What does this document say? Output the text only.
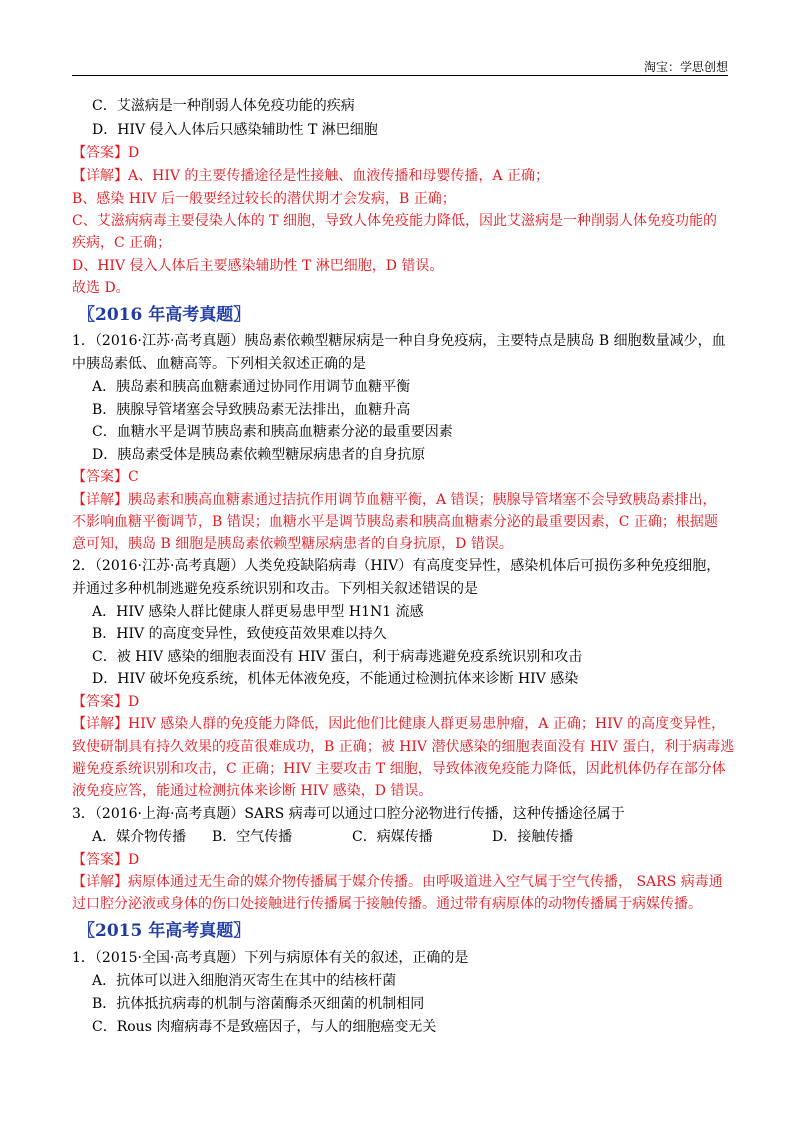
淘宝：学思创想
C．艾滋病是一种削弱人体免疫功能的疾病
D．HIV 侵入人体后只感染辅助性 T 淋巴细胞
【答案】D
【详解】A、HIV 的主要传播途径是性接触、血液传播和母婴传播，A 正确；
B、感染 HIV 后一般要经过较长的潜伏期才会发病，B 正确；
C、艾滋病病毒主要侵染人体的 T 细胞，导致人体免疫能力降低，因此艾滋病是一种削弱人体免疫功能的
疾病，C 正确；
D、HIV 侵入人体后主要感染辅助性 T 淋巴细胞，D 错误。
故选 D。
〖2016 年高考真题〗
1．（2016·江苏·高考真题）胰岛素依赖型糖尿病是一种自身免疫病，主要特点是胰岛 B 细胞数量减少，血
中胰岛素低、血糖高等。下列相关叙述正确的是
A．胰岛素和胰高血糖素通过协同作用调节血糖平衡
B．胰腺导管堵塞会导致胰岛素无法排出，血糖升高
C．血糖水平是调节胰岛素和胰高血糖素分泌的最重要因素
D．胰岛素受体是胰岛素依赖型糖尿病患者的自身抗原
【答案】C
【详解】胰岛素和胰高血糖素通过拮抗作用调节血糖平衡，A 错误；胰腺导管堵塞不会导致胰岛素排出，
不影响血糖平衡调节，B 错误；血糖水平是调节胰岛素和胰高血糖素分泌的最重要因素，C 正确；根据题
意可知，胰岛 B 细胞是胰岛素依赖型糖尿病患者的自身抗原，D 错误。
2．（2016·江苏·高考真题）人类免疫缺陷病毒（HIV）有高度变异性，感染机体后可损伤多种免疫细胞，
并通过多种机制逃避免疫系统识别和攻击。下列相关叙述错误的是
A．HIV 感染人群比健康人群更易患甲型 H1N1 流感
B．HIV 的高度变异性，致使疫苗效果难以持久
C．被 HIV 感染的细胞表面没有 HIV 蛋白，利于病毒逃避免疫系统识别和攻击
D．HIV 破坏免疫系统，机体无体液免疫，不能通过检测抗体来诊断 HIV 感染
【答案】D
【详解】HIV 感染人群的免疫能力降低，因此他们比健康人群更易患肿瘤，A 正确；HIV 的高度变异性，
致使研制具有持久效果的疫苗很难成功，B 正确；被 HIV 潜伏感染的细胞表面没有 HIV 蛋白，利于病毒逃
避免疫系统识别和攻击，C 正确；HIV 主要攻击 T 细胞，导致体液免疫能力降低，因此机体仍存在部分体
液免疫应答，能通过检测抗体来诊断 HIV 感染，D 错误。
3．（2016·上海·高考真题）SARS 病毒可以通过口腔分泌物进行传播，这种传播途径属于
A．媒介物传播 B．空气传播	C．病媒传播	D．接触传播
【答案】D
【详解】病原体通过无生命的媒介物传播属于媒介传播。由呼吸道进入空气属于空气传播， SARS 病毒通
过口腔分泌液或身体的伤口处接触进行传播属于接触传播。通过带有病原体的动物传播属于病媒传播。
〖2015 年高考真题〗
1．（2015·全国·高考真题）下列与病原体有关的叙述，正确的是
A．抗体可以进入细胞消灭寄生在其中的结核杆菌
B．抗体抵抗病毒的机制与溶菌酶杀灭细菌的机制相同
C．Rous 肉瘤病毒不是致癌因子，与人的细胞癌变无关
